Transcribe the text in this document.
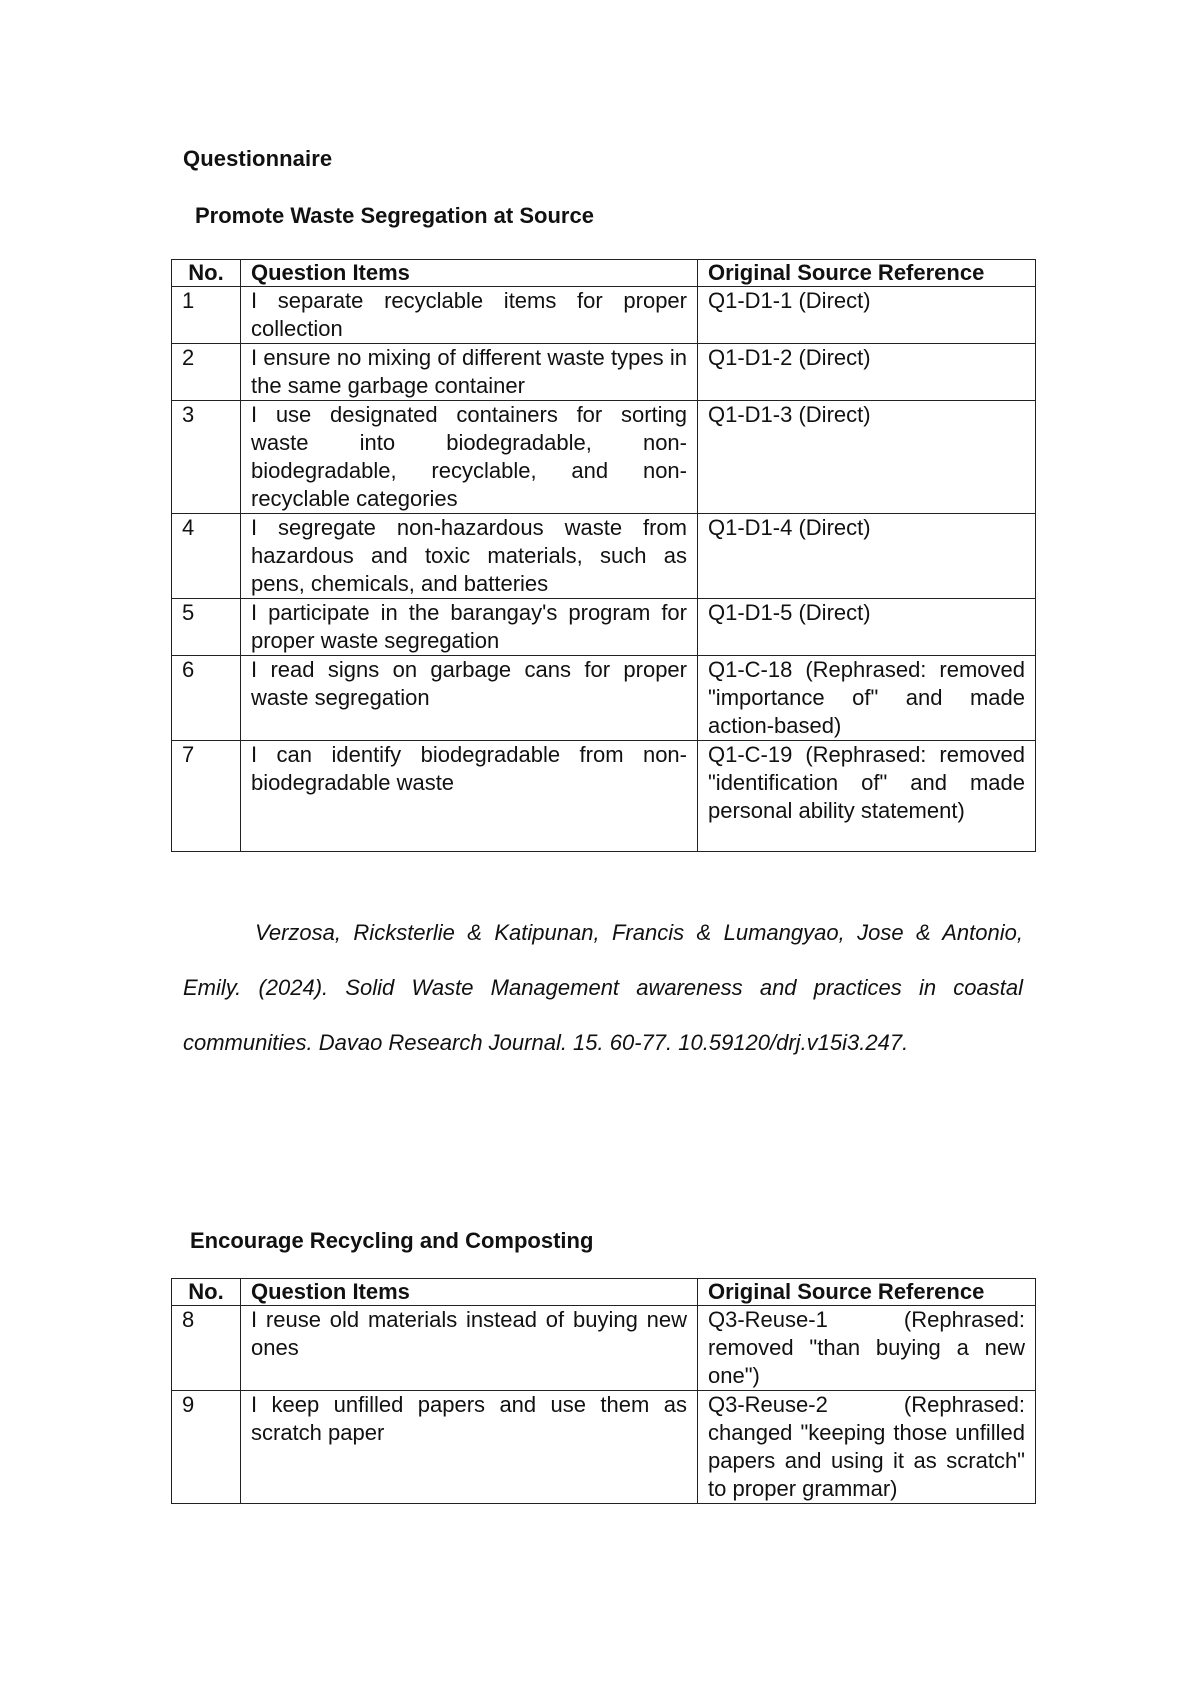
Questionnaire
Promote Waste Segregation at Source
No.	Question Items	Original Source Reference
1	I separate recyclable items for proper collection	Q1-D1-1 (Direct)
2	I ensure no mixing of different waste types in the same garbage container	Q1-D1-2 (Direct)
3	I use designated containers for sorting waste into biodegradable, non-biodegradable, recyclable, and non-recyclable categories	Q1-D1-3 (Direct)
4	I segregate non-hazardous waste from hazardous and toxic materials, such as pens, chemicals, and batteries	Q1-D1-4 (Direct)
5	I participate in the barangay's program for proper waste segregation	Q1-D1-5 (Direct)
6	I read signs on garbage cans for proper waste segregation	Q1-C-18 (Rephrased: removed "importance of" and made action-based)
7	I can identify biodegradable from non-biodegradable waste	Q1-C-19 (Rephrased: removed "identification of" and made personal ability statement)
Verzosa, Ricksterlie & Katipunan, Francis & Lumangyao, Jose & Antonio, Emily. (2024). Solid Waste Management awareness and practices in coastal communities. Davao Research Journal. 15. 60-77. 10.59120/drj.v15i3.247.
Encourage Recycling and Composting
No.	Question Items	Original Source Reference
8	I reuse old materials instead of buying new ones	Q3-Reuse-1 (Rephrased: removed "than buying a new one")
9	I keep unfilled papers and use them as scratch paper	Q3-Reuse-2 (Rephrased: changed "keeping those unfilled papers and using it as scratch" to proper grammar)
